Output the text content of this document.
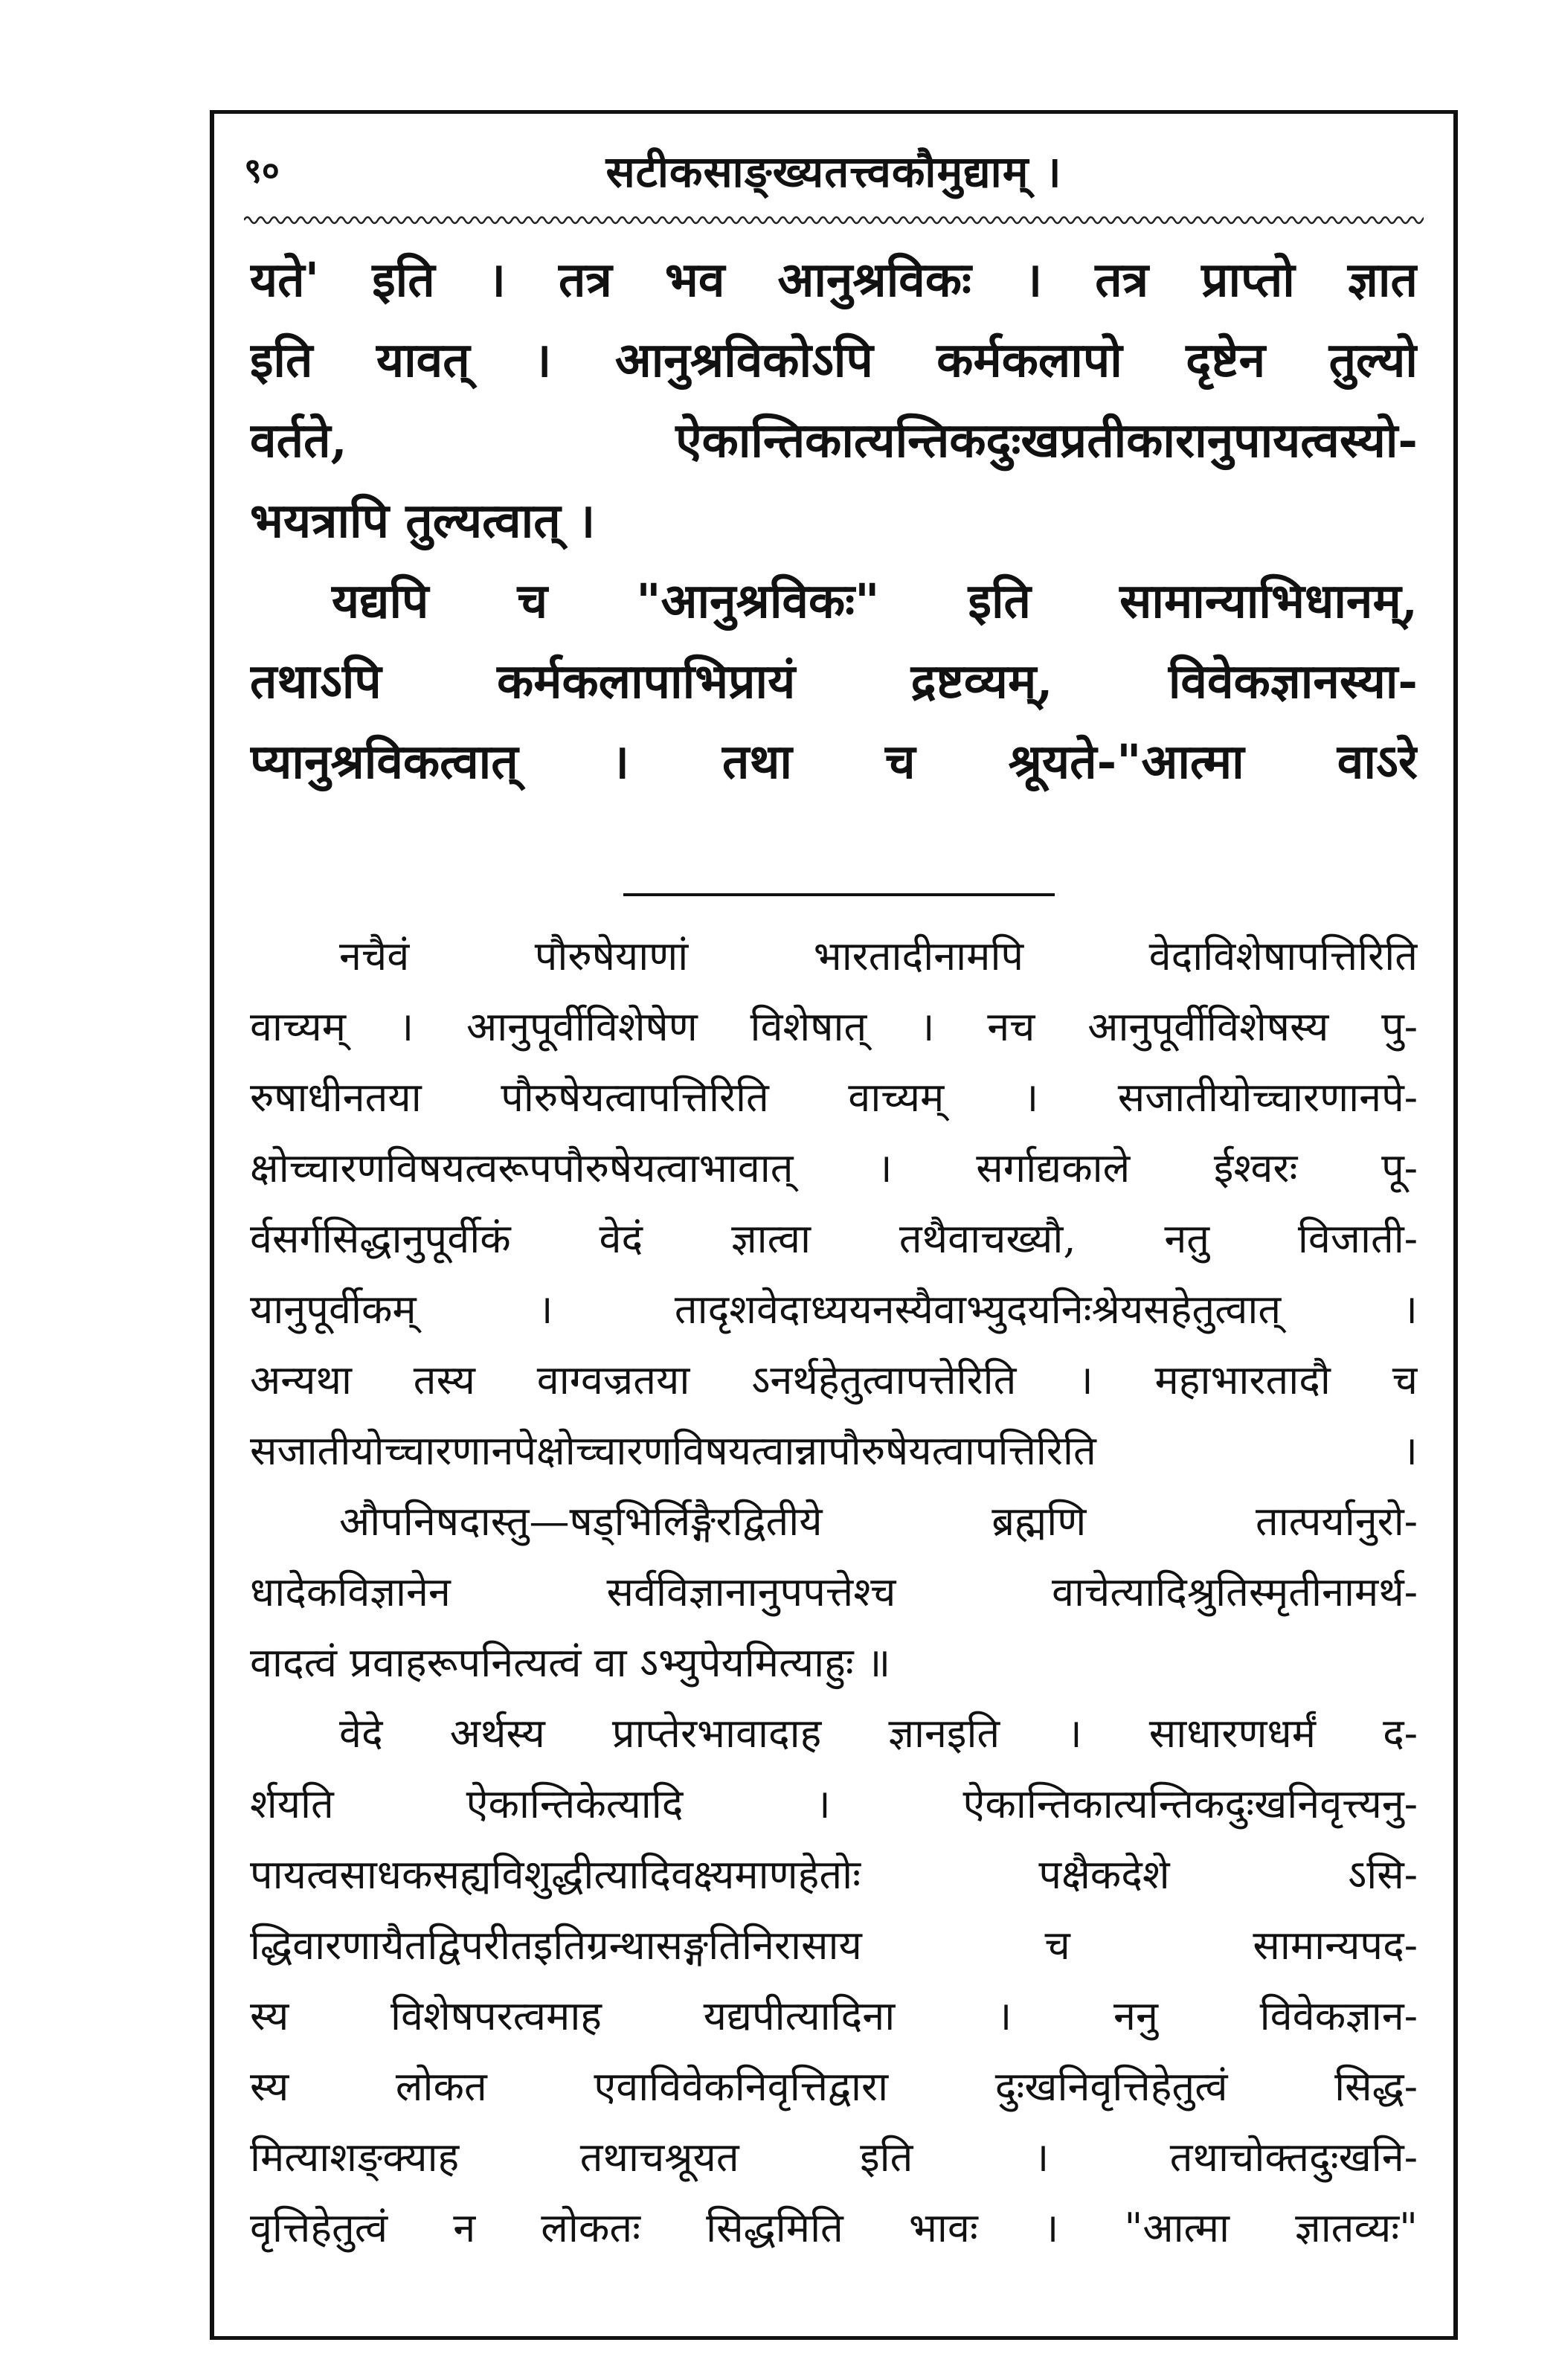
९०	सटीकसाङ्ख्यतत्त्वकौमुद्याम् ।
यते' इति । तत्र भव आनुश्रविकः । तत्र प्राप्तो ज्ञात
इति यावत् । आनुश्रविकोऽपि कर्मकलापो दृष्टेन तुल्यो
वर्तते, ऐकान्तिकात्यन्तिकदुःखप्रतीकारानुपायत्वस्यो-
भयत्रापि तुल्यत्वात् ।
यद्यपि च "आनुश्रविकः" इति सामान्याभिधानम्,
तथाऽपि कर्मकलापाभिप्रायं द्रष्टव्यम्, विवेकज्ञानस्या-
प्यानुश्रविकत्वात् । तथा च श्रूयते-"आत्मा वाऽरे
नचैवं पौरुषेयाणां भारतादीनामपि वेदाविशेषापत्तिरिति
वाच्यम् । आनुपूर्वीविशेषेण विशेषात् । नच आनुपूर्वीविशेषस्य पु-
रुषाधीनतया पौरुषेयत्वापत्तिरिति वाच्यम् । सजातीयोच्चारणानपे-
क्षोच्चारणविषयत्वरूपपौरुषेयत्वाभावात् । सर्गाद्यकाले ईश्वरः पू-
र्वसर्गसिद्धानुपूर्वीकं वेदं ज्ञात्वा तथैवाचख्यौ, नतु विजाती-
यानुपूर्वीकम् । तादृशवेदाध्ययनस्यैवाभ्युदयनिःश्रेयसहेतुत्वात् ।
अन्यथा तस्य वाग्वज्रतया ऽनर्थहेतुत्वापत्तेरिति । महाभारतादौ च
सजातीयोच्चारणानपेक्षोच्चारणविषयत्वान्नापौरुषेयत्वापत्तिरिति ।
औपनिषदास्तु—षड्भिर्लिङ्गैरद्वितीये ब्रह्मणि तात्पर्यानुरो-
धादेकविज्ञानेन सर्वविज्ञानानुपपत्तेश्च वाचेत्यादिश्रुतिस्मृतीनामर्थ-
वादत्वं प्रवाहरूपनित्यत्वं वा ऽभ्युपेयमित्याहुः ॥
वेदे अर्थस्य प्राप्तेरभावादाह ज्ञानइति । साधारणधर्मं द-
र्शयति ऐकान्तिकेत्यादि । ऐकान्तिकात्यन्तिकदुःखनिवृत्त्यनु-
पायत्वसाधकसह्यविशुद्धीत्यादिवक्ष्यमाणहेतोः पक्षैकदेशे ऽसि-
द्धिवारणायैतद्विपरीतइतिग्रन्थासङ्गतिनिरासाय च सामान्यपद-
स्य विशेषपरत्वमाह यद्यपीत्यादिना । ननु विवेकज्ञान-
स्य लोकत एवाविवेकनिवृत्तिद्वारा दुःखनिवृत्तिहेतुत्वं सिद्ध-
मित्याशङ्क्याह तथाचश्रूयत इति । तथाचोक्तदुःखनि-
वृत्तिहेतुत्वं न लोकतः सिद्धमिति भावः । "आत्मा ज्ञातव्यः"
